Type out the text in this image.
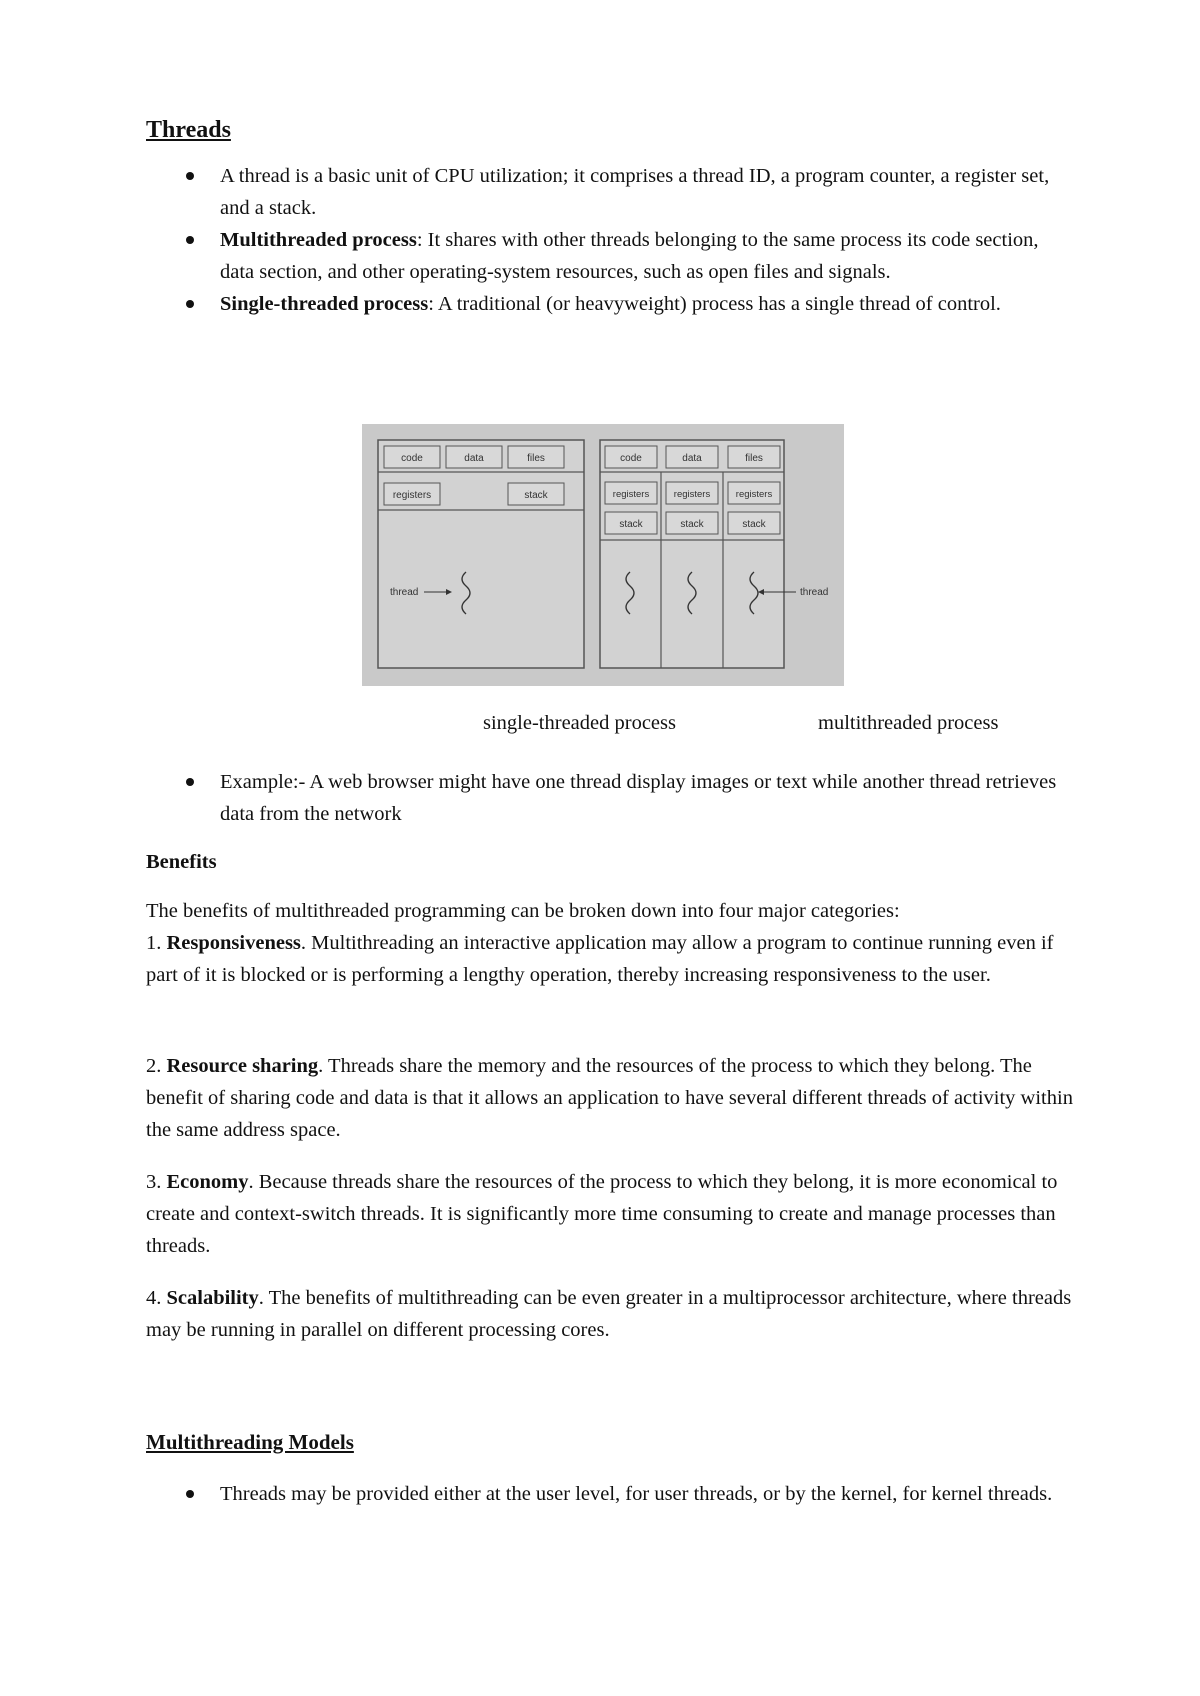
Threads
A thread is a basic unit of CPU utilization; it comprises a thread ID, a program counter, a register set, and a stack.
Multithreaded process: It shares with other threads belonging to the same process its code section, data section, and other operating-system resources, such as open files and signals.
Single-threaded process: A traditional (or heavyweight) process has a single thread of control.
code	data	files
registers	stack
thread
code	data	files
registers	registers	registers
stack	stack	stack
thread
single-threaded process	multithreaded process
Example:- A web browser might have one thread display images or text while another thread retrieves data from the network
Benefits

The benefits of multithreaded programming can be broken down into four major categories:

1. Responsiveness. Multithreading an interactive application may allow a program to continue running even if part of it is blocked or is performing a lengthy operation, thereby increasing responsiveness to the user.

2. Resource sharing. Threads share the memory and the resources of the process to which they belong. The benefit of sharing code and data is that it allows an application to have several different threads of activity within the same address space.

3. Economy. Because threads share the resources of the process to which they belong, it is more economical to create and context-switch threads. It is significantly more time consuming to create and manage processes than threads.

4. Scalability. The benefits of multithreading can be even greater in a multiprocessor architecture, where threads may be running in parallel on different processing cores.

Multithreading Models
Threads may be provided either at the user level, for user threads, or by the kernel, for kernel threads.
